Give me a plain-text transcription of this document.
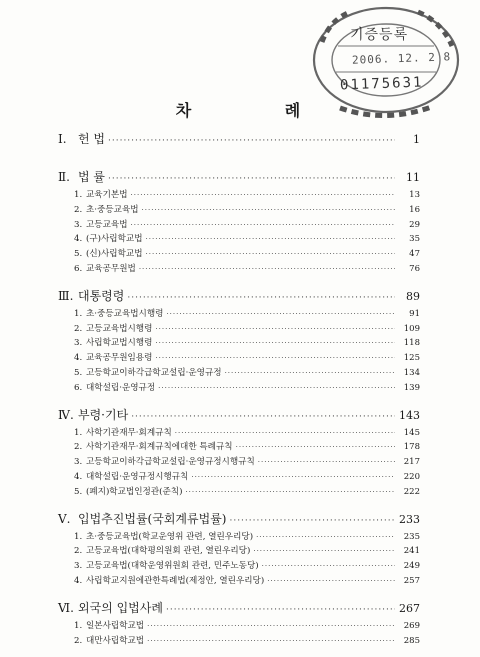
기증등록
2006. 12. 2 8
01175631
차 례
Ⅰ. 헌 법 ·····	1
Ⅱ. 법 률 ·····	11
1. 교육기본법 ·····	13
2. 초·중등교육법 ·····	16
3. 고등교육법 ·····	29
4. (구)사립학교법 ·····	35
5. (신)사립학교법 ·····	47
6. 교육공무원법 ·····	76
Ⅲ. 대통령령 ·····	89
1. 초·중등교육법시행령 ·····	91
2. 고등교육법시행령 ·····	109
3. 사립학교법시행령 ·····	118
4. 교육공무원임용령 ·····	125
5. 고등학교이하각급학교설립·운영규정 ·····	134
6. 대학설립·운영규정 ·····	139
Ⅳ. 부령·기타 ·····	143
1. 사학기관재무·회계규칙 ·····	145
2. 사학기관재무·회계규칙에대한 특례규칙 ·····	178
3. 고등학교이하각급학교설립·운영규정시행규칙 ·····	217
4. 대학설립·운영규정시행규칙 ·····	220
5. (폐지)학교법인정관(준칙) ·····	222
Ⅴ. 입법추진법률(국회계류법률) ·····	233
1. 초·중등교육법(학교운영위 관련, 열린우리당) ·····	235
2. 고등교육법(대학평의원회 관련, 열린우리당) ·····	241
3. 고등교육법(대학운영위원회 관련, 민주노동당) ·····	249
4. 사립학교지원에관한특례법(제정안, 열린우리당) ·····	257
Ⅵ. 외국의 입법사례 ·····	267
1. 일본사립학교법 ·····	269
2. 대만사립학교법 ·····	285
